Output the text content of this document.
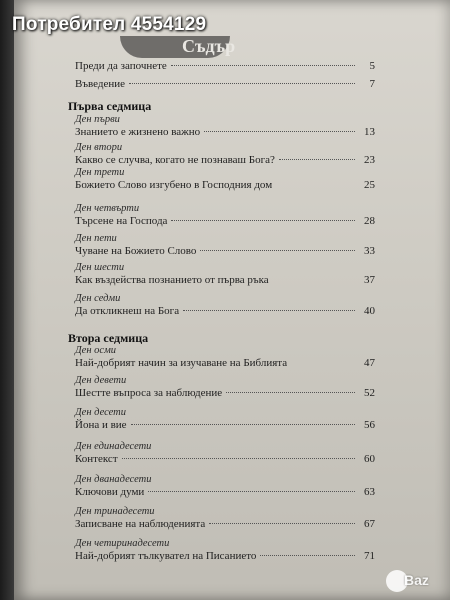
Потребител 4554129
Съдър
Преди да започнете	5
Въведение	7
Първа седмица
Ден първи
Знанието е жизнено важно	13
Ден втори
Какво се случва, когато не познаваш Бога?	23
Ден трети
Божието Слово изгубено в Господния дом	25
Ден четвърти
Търсене на Господа	28
Ден пети
Чуване на Божието Слово	33
Ден шести
Как въздейства познанието от първа ръка	37
Ден седми
Да откликнеш на Бога	40
Втора седмица
Ден осми
Най-добрият начин за изучаване на Библията	47
Ден девети
Шестте въпроса за наблюдение	52
Ден десети
Йона и вие	56
Ден единадесети
Контекст	60
Ден дванадесети
Ключови думи	63
Ден тринадесети
Записване на наблюденията	67
Ден четиринадесети
Най-добрият тълкувател на Писанието	71
Baz
